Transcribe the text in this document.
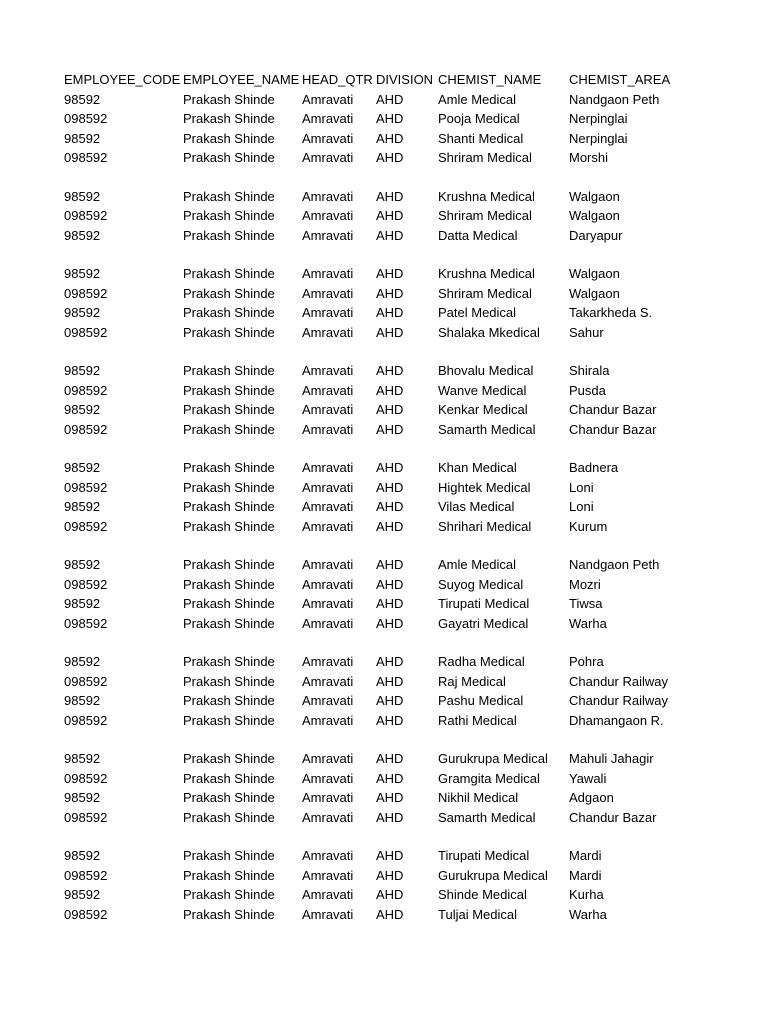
EMPLOYEE_CODE EMPLOYEE_NAME HEAD_QTR DIVISION CHEMIST_NAME CHEMIST_AREA
98592	Prakash Shinde Amravati AHD	Amle Medical	Nandgaon Peth
098592	Prakash Shinde Amravati AHD	Pooja Medical	Nerpinglai
98592	Prakash Shinde Amravati AHD	Shanti Medical	Nerpinglai
098592	Prakash Shinde Amravati AHD	Shriram Medical	Morshi
98592	Prakash Shinde Amravati AHD	Krushna Medical	Walgaon
098592	Prakash Shinde Amravati AHD	Shriram Medical	Walgaon
98592	Prakash Shinde Amravati AHD	Datta Medical	Daryapur
98592	Prakash Shinde Amravati AHD	Krushna Medical	Walgaon
098592	Prakash Shinde Amravati AHD	Shriram Medical	Walgaon
98592	Prakash Shinde Amravati AHD	Patel Medical	Takarkheda S.
098592	Prakash Shinde Amravati AHD	Shalaka Mkedical Sahur
98592	Prakash Shinde Amravati AHD	Bhovalu Medical	Shirala
098592	Prakash Shinde Amravati AHD	Wanve Medical	Pusda
98592	Prakash Shinde Amravati AHD	Kenkar Medical	Chandur Bazar
098592	Prakash Shinde Amravati AHD	Samarth Medical	Chandur Bazar
98592	Prakash Shinde Amravati AHD	Khan Medical	Badnera
098592	Prakash Shinde Amravati AHD	Hightek Medical	Loni
98592	Prakash Shinde Amravati AHD	Vilas Medical	Loni
098592	Prakash Shinde Amravati AHD	Shrihari Medical	Kurum
98592	Prakash Shinde Amravati AHD	Amle Medical	Nandgaon Peth
098592	Prakash Shinde Amravati AHD	Suyog Medical	Mozri
98592	Prakash Shinde Amravati AHD	Tirupati Medical	Tiwsa
098592	Prakash Shinde Amravati AHD	Gayatri Medical	Warha
98592	Prakash Shinde Amravati AHD	Radha Medical	Pohra
098592	Prakash Shinde Amravati AHD	Raj Medical	Chandur Railway
98592	Prakash Shinde Amravati AHD	Pashu Medical	Chandur Railway
098592	Prakash Shinde Amravati AHD	Rathi Medical	Dhamangaon R.
98592	Prakash Shinde Amravati AHD	Gurukrupa Medical Mahuli Jahagir
098592	Prakash Shinde Amravati AHD	Gramgita Medical Yawali
98592	Prakash Shinde Amravati AHD	Nikhil Medical	Adgaon
098592	Prakash Shinde Amravati AHD	Samarth Medical	Chandur Bazar
98592	Prakash Shinde Amravati AHD	Tirupati Medical	Mardi
098592	Prakash Shinde Amravati AHD	Gurukrupa Medical Mardi
98592	Prakash Shinde Amravati AHD	Shinde Medical	Kurha
098592	Prakash Shinde Amravati AHD	Tuljai Medical	Warha
